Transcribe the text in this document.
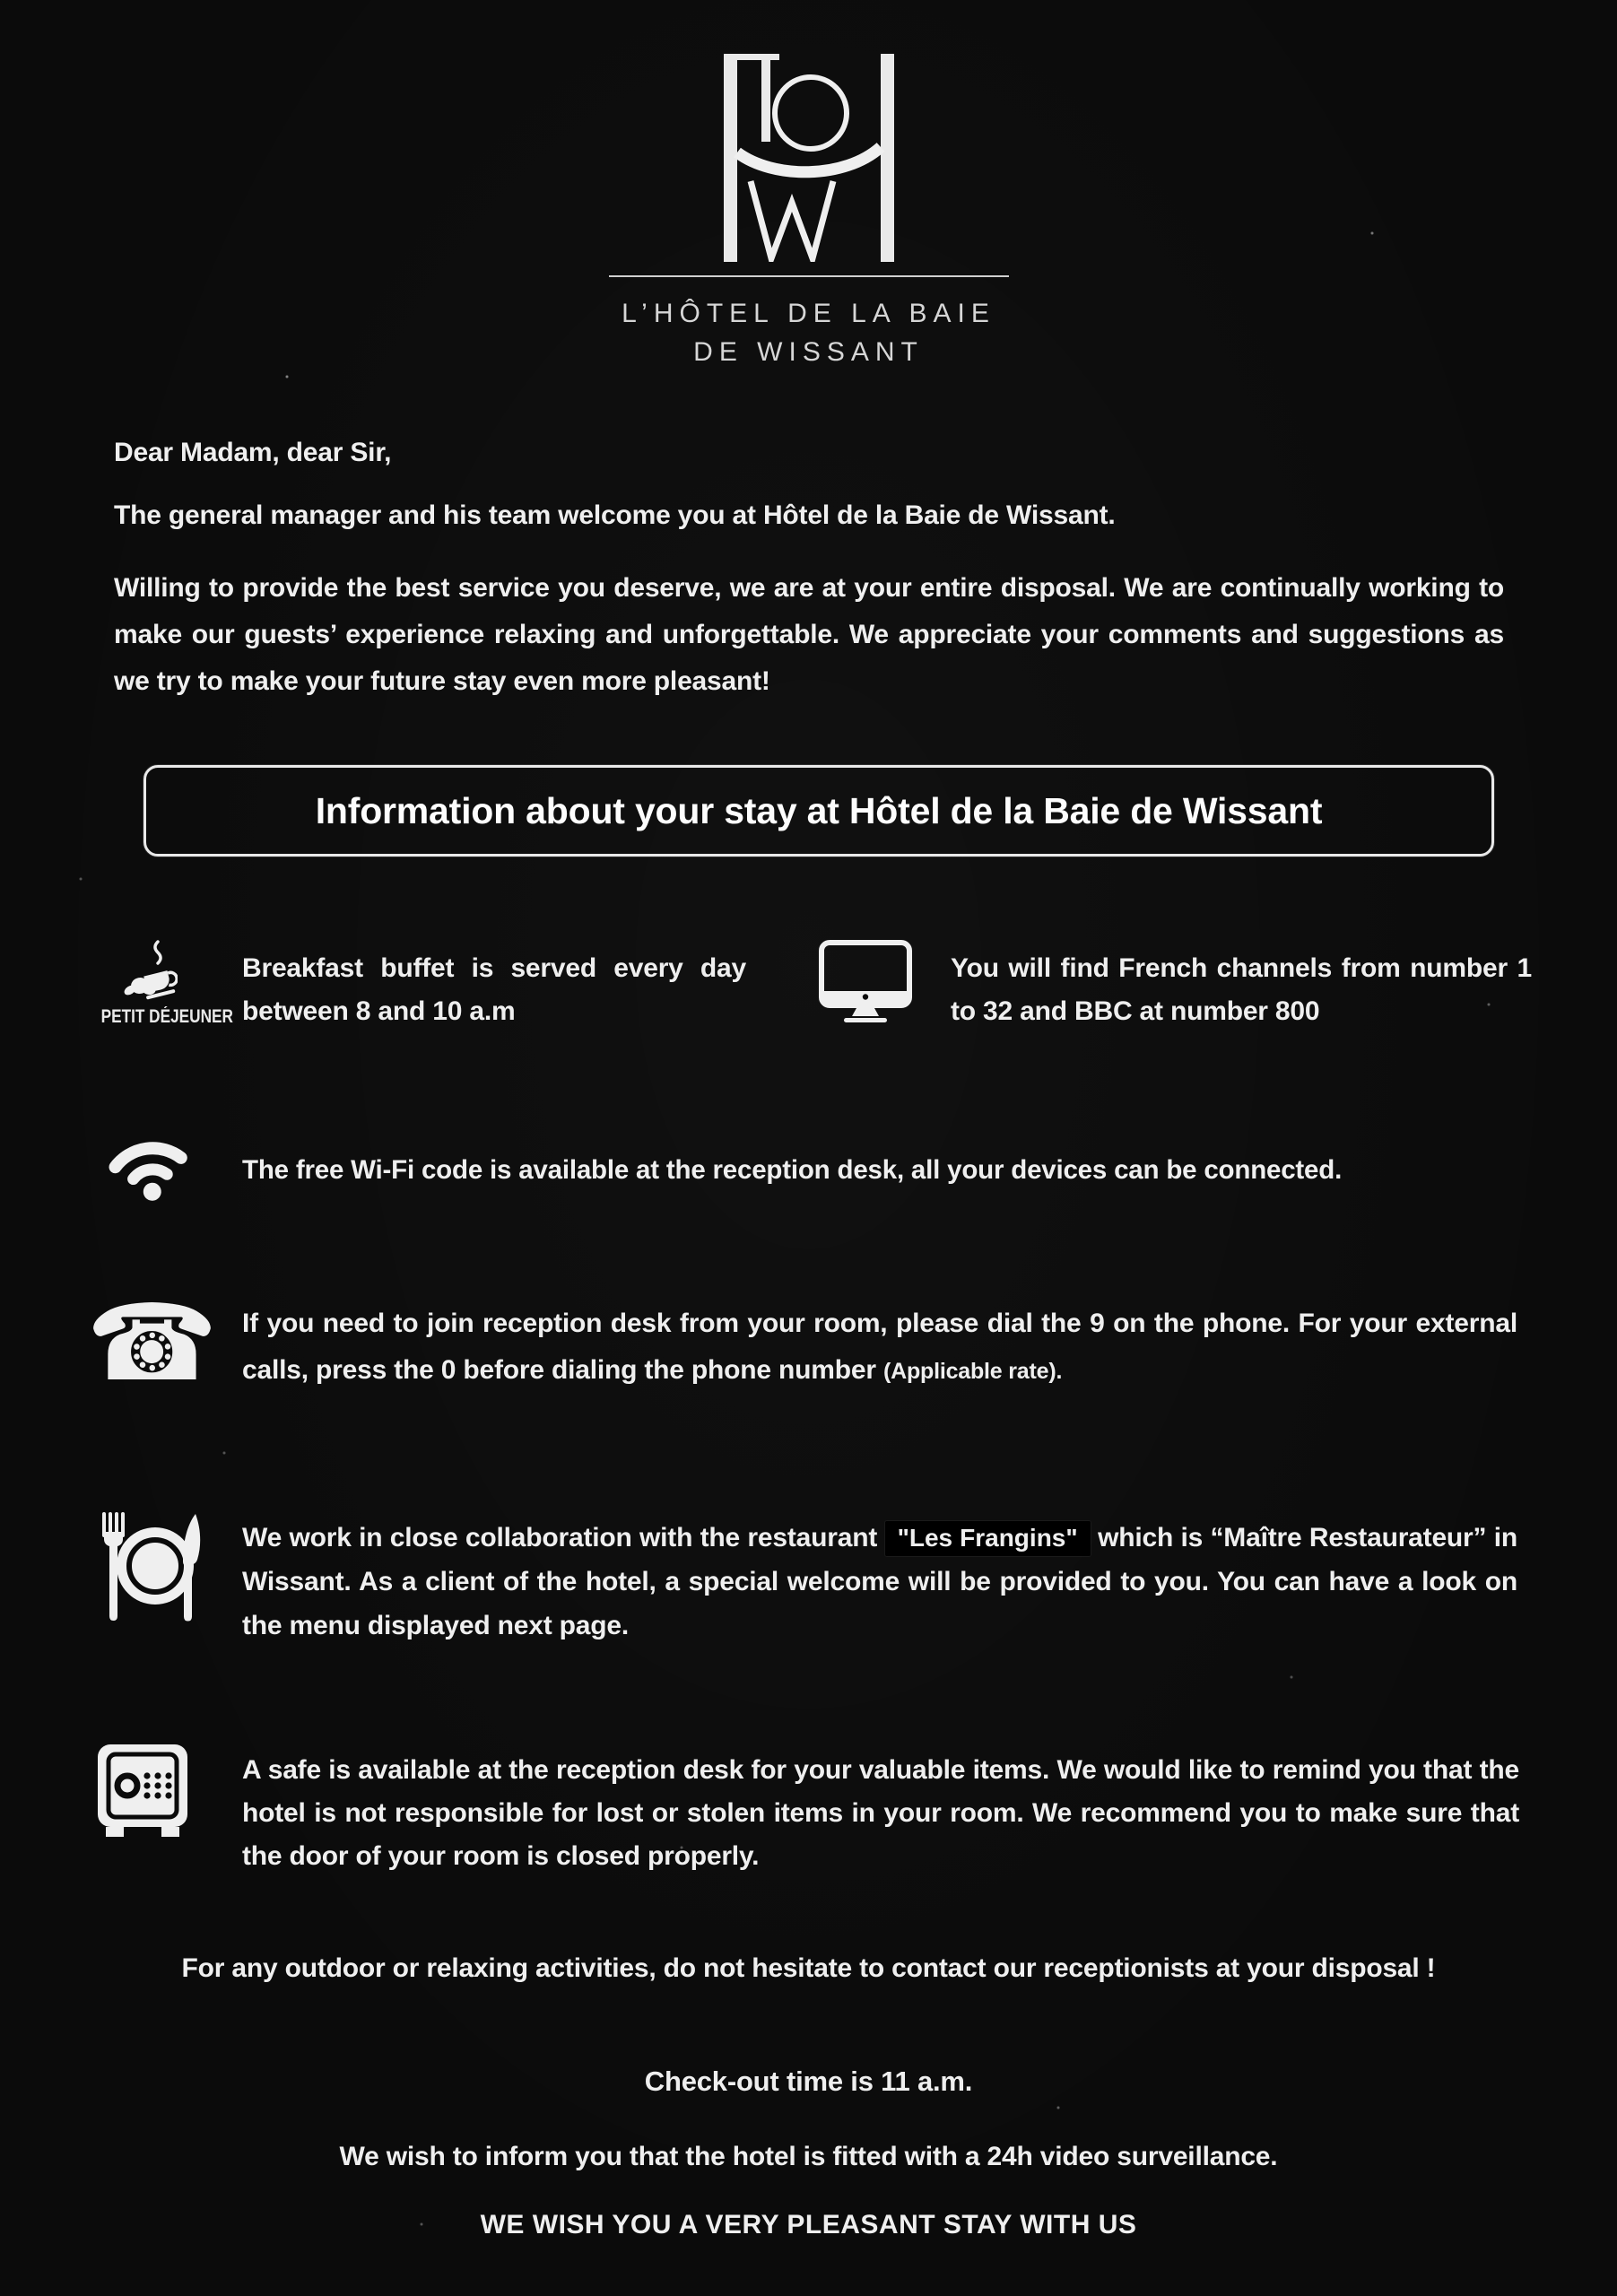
L’HÔTEL DE LA BAIE
DE WISSANT
Dear Madam, dear Sir,
The general manager and his team welcome you at Hôtel de la Baie de Wissant.
Willing to provide the best service you deserve, we are at your entire disposal. We are continually working to make our guests’ experience relaxing and unforgettable. We appreciate your comments and suggestions as we try to make your future stay even more pleasant!
Information about your stay at Hôtel de la Baie de Wissant
PETIT DÉJEUNER
Breakfast buffet is served every day between 8 and 10 a.m
You will find French channels from number 1 to 32 and BBC at number 800
The free Wi-Fi code is available at the reception desk, all your devices can be connected.
☎ If you need to join reception desk from your room, please dial the 9 on the phone. For your external calls, press the 0 before dialing the phone number (Applicable rate).
We work in close collaboration with the restaurant "Les Frangins" which is “Maître Restaurateur” in Wissant. As a client of the hotel, a special welcome will be provided to you. You can have a look on the menu displayed next page.
A safe is available at the reception desk for your valuable items. We would like to remind you that the hotel is not responsible for lost or stolen items in your room. We recommend you to make sure that the door of your room is closed properly.
For any outdoor or relaxing activities, do not hesitate to contact our receptionists at your disposal !
Check-out time is 11 a.m.
We wish to inform you that the hotel is fitted with a 24h video surveillance.
WE WISH YOU A VERY PLEASANT STAY WITH US
